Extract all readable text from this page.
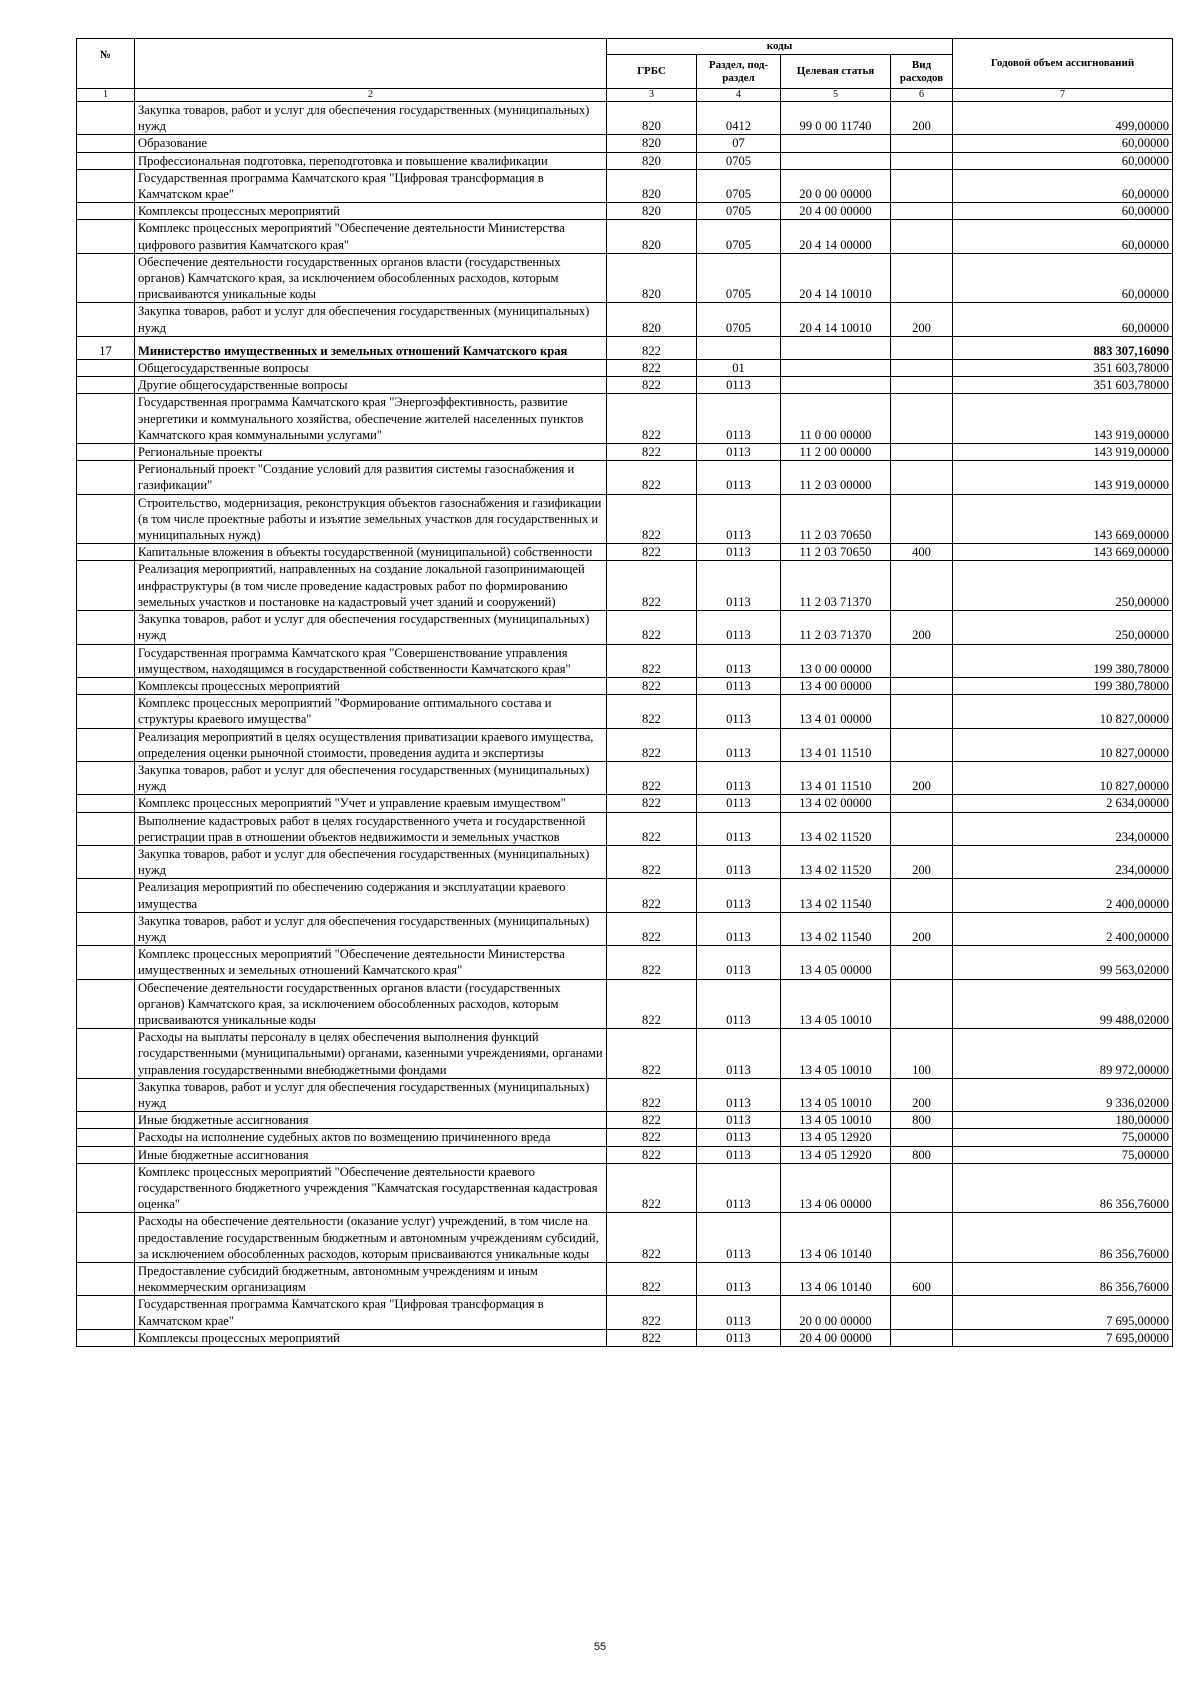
№		коды				Годовой объем ассигнований
		ГРБС	Раздел, под-раздел	Целевая статья	Вид расходов	
1	2	3	4	5	6	7
	Закупка товаров, работ и услуг для обеспечения государственных (муниципальных) нужд	820	0412	99 0 00 11740	200	499,00000
	Образование	820	07			60,00000
	Профессиональная подготовка, переподготовка и повышение квалификации	820	0705			60,00000
	Государственная программа Камчатского края "Цифровая трансформация в Камчатском крае"	820	0705	20 0 00 00000		60,00000
	Комплексы процессных мероприятий	820	0705	20 4 00 00000		60,00000
	Комплекс процессных мероприятий "Обеспечение деятельности Министерства цифрового развития Камчатского края"	820	0705	20 4 14 00000		60,00000
	Обеспечение деятельности государственных органов власти (государственных органов) Камчатского края, за исключением обособленных расходов, которым присваиваются уникальные коды	820	0705	20 4 14 10010		60,00000
	Закупка товаров, работ и услуг для обеспечения государственных (муниципальных) нужд	820	0705	20 4 14 10010	200	60,00000
17	Министерство имущественных и земельных отношений Камчатского края	822				883 307,16090
	Общегосударственные вопросы	822	01			351 603,78000
	Другие общегосударственные вопросы	822	0113			351 603,78000
	Государственная программа Камчатского края "Энергоэффективность, развитие энергетики и коммунального хозяйства, обеспечение жителей населенных пунктов Камчатского края коммунальными услугами"	822	0113	11 0 00 00000		143 919,00000
	Региональные проекты	822	0113	11 2 00 00000		143 919,00000
	Региональный проект "Создание условий для развития системы газоснабжения и газификации"	822	0113	11 2 03 00000		143 919,00000
	Строительство, модернизация, реконструкция объектов газоснабжения и газификации (в том числе проектные работы и изъятие земельных участков для государственных и муниципальных нужд)	822	0113	11 2 03 70650		143 669,00000
	Капитальные вложения в объекты государственной (муниципальной) собственности	822	0113	11 2 03 70650	400	143 669,00000
	Реализация мероприятий, направленных на создание локальной газопринимающей инфраструктуры (в том числе проведение кадастровых работ по формированию земельных участков и постановке на кадастровый учет зданий и сооружений)	822	0113	11 2 03 71370		250,00000
	Закупка товаров, работ и услуг для обеспечения государственных (муниципальных) нужд	822	0113	11 2 03 71370	200	250,00000
	Государственная программа Камчатского края "Совершенствование управления имуществом, находящимся в государственной собственности Камчатского края"	822	0113	13 0 00 00000		199 380,78000
	Комплексы процессных мероприятий	822	0113	13 4 00 00000		199 380,78000
	Комплекс процессных мероприятий "Формирование оптимального состава и структуры краевого имущества"	822	0113	13 4 01 00000		10 827,00000
	Реализация мероприятий в целях осуществления приватизации краевого имущества, определения оценки рыночной стоимости, проведения аудита и экспертизы	822	0113	13 4 01 11510		10 827,00000
	Закупка товаров, работ и услуг для обеспечения государственных (муниципальных) нужд	822	0113	13 4 01 11510	200	10 827,00000
	Комплекс процессных мероприятий "Учет и управление краевым имуществом"	822	0113	13 4 02 00000		2 634,00000
	Выполнение кадастровых работ в целях государственного учета и государственной регистрации прав в отношении объектов недвижимости и земельных участков	822	0113	13 4 02 11520		234,00000
	Закупка товаров, работ и услуг для обеспечения государственных (муниципальных) нужд	822	0113	13 4 02 11520	200	234,00000
	Реализация мероприятий по обеспечению содержания и эксплуатации краевого имущества	822	0113	13 4 02 11540		2 400,00000
	Закупка товаров, работ и услуг для обеспечения государственных (муниципальных) нужд	822	0113	13 4 02 11540	200	2 400,00000
	Комплекс процессных мероприятий "Обеспечение деятельности Министерства имущественных и земельных отношений Камчатского края"	822	0113	13 4 05 00000		99 563,02000
	Обеспечение деятельности государственных органов власти (государственных органов) Камчатского края, за исключением обособленных расходов, которым присваиваются уникальные коды	822	0113	13 4 05 10010		99 488,02000
	Расходы на выплаты персоналу в целях обеспечения выполнения функций государственными (муниципальными) органами, казенными учреждениями, органами управления государственными внебюджетными фондами	822	0113	13 4 05 10010	100	89 972,00000
	Закупка товаров, работ и услуг для обеспечения государственных (муниципальных) нужд	822	0113	13 4 05 10010	200	9 336,02000
	Иные бюджетные ассигнования	822	0113	13 4 05 10010	800	180,00000
	Расходы на исполнение судебных актов по возмещению причиненного вреда	822	0113	13 4 05 12920		75,00000
	Иные бюджетные ассигнования	822	0113	13 4 05 12920	800	75,00000
	Комплекс процессных мероприятий "Обеспечение деятельности краевого государственного бюджетного учреждения "Камчатская государственная кадастровая оценка"	822	0113	13 4 06 00000		86 356,76000
	Расходы на обеспечение деятельности (оказание услуг) учреждений, в том числе на предоставление государственным бюджетным и автономным учреждениям субсидий, за исключением обособленных расходов, которым присваиваются уникальные коды	822	0113	13 4 06 10140		86 356,76000
	Предоставление субсидий бюджетным, автономным учреждениям и иным некоммерческим организациям	822	0113	13 4 06 10140	600	86 356,76000
	Государственная программа Камчатского края "Цифровая трансформация в Камчатском крае"	822	0113	20 0 00 00000		7 695,00000
	Комплексы процессных мероприятий	822	0113	20 4 00 00000		7 695,00000
55
